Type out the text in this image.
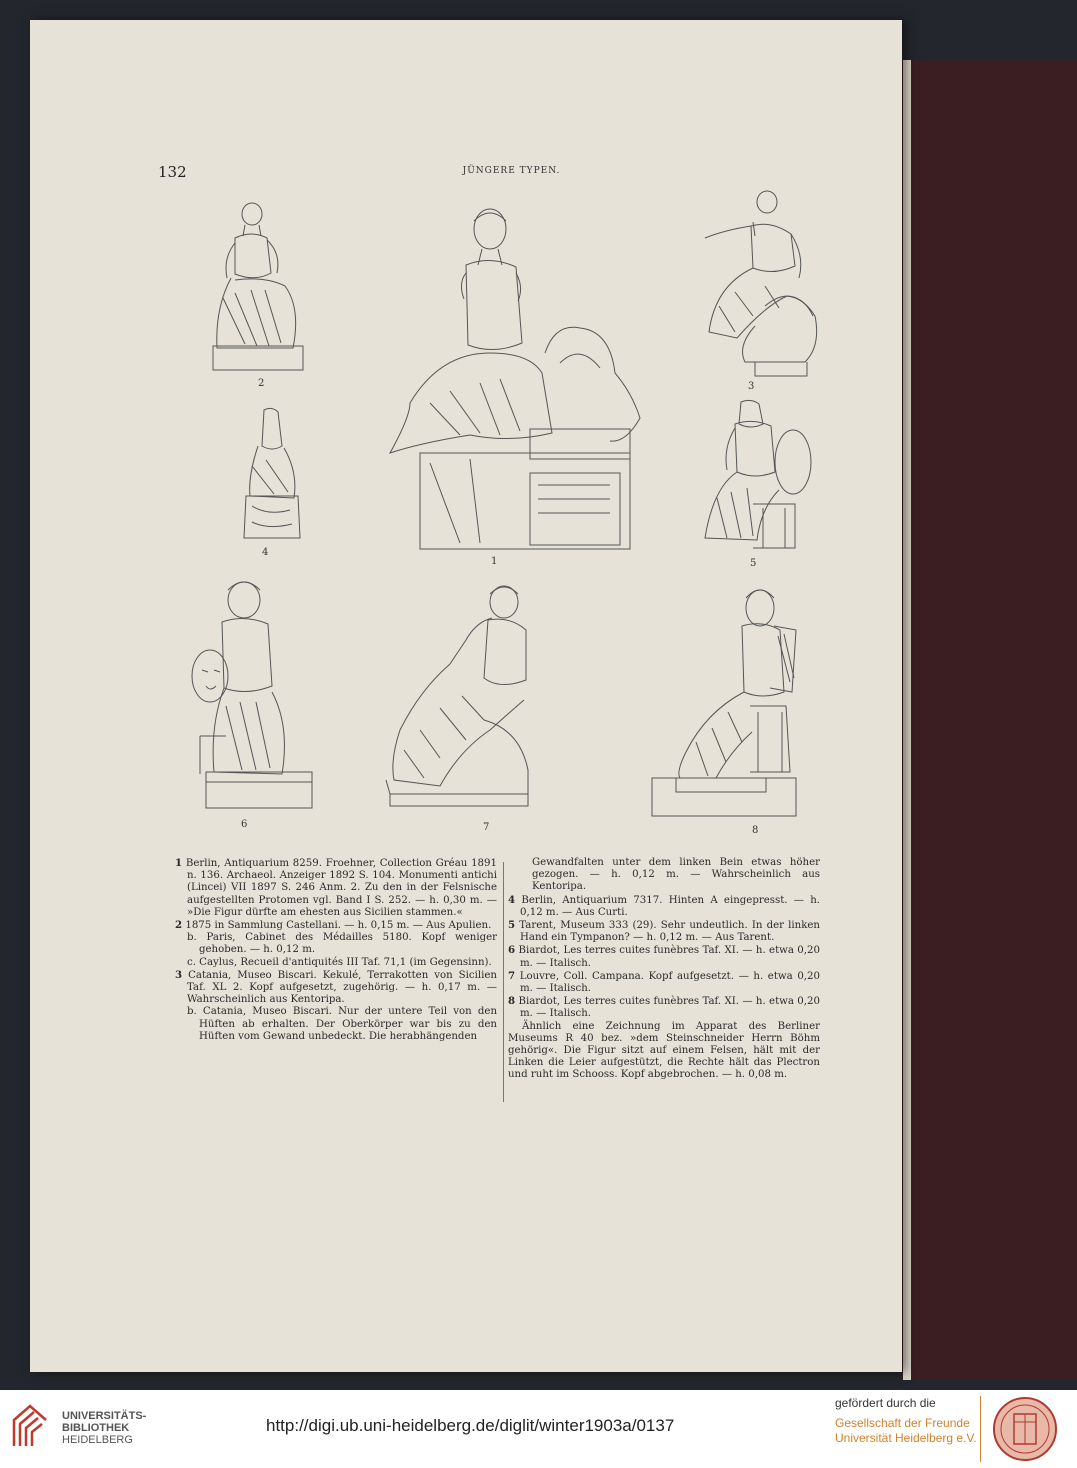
132	JÜNGERE TYPEN.
2
1
3
4
5
6	7	8

1 Berlin, Antiquarium 8259. Froehner, Collection Gréau 1891 n. 136. Archaeol. Anzeiger 1892 S. 104. Monumenti antichi (Lincei) VII 1897 S. 246 Anm. 2. Zu den in der Felsnische aufgestellten Protomen vgl. Band I S. 252. — h. 0,30 m. — »Die Figur dürfte am ehesten aus Sicilien stammen.«

2 1875 in Sammlung Castellani. — h. 0,15 m. — Aus Apulien.

b. Paris, Cabinet des Médailles 5180. Kopf weniger gehoben. — h. 0,12 m.

c. Caylus, Recueil d'antiquités III Taf. 71,1 (im Gegensinn).

3 Catania, Museo Biscari. Kekulé, Terrakotten von Sicilien Taf. XL 2. Kopf aufgesetzt, zugehörig. — h. 0,17 m. — Wahrscheinlich aus Kentoripa.

b. Catania, Museo Biscari. Nur der untere Teil von den Hüften ab erhalten. Der Oberkörper war bis zu den Hüften vom Gewand unbedeckt. Die herabhängenden

Gewandfalten unter dem linken Bein etwas höher gezogen. — h. 0,12 m. — Wahrscheinlich aus Kentoripa.

4 Berlin, Antiquarium 7317. Hinten A eingepresst. — h. 0,12 m. — Aus Curti.

5 Tarent, Museum 333 (29). Sehr undeutlich. In der linken Hand ein Tympanon? — h. 0,12 m. — Aus Tarent.

6 Biardot, Les terres cuites funèbres Taf. XI. — h. etwa 0,20 m. — Italisch.

7 Louvre, Coll. Campana. Kopf aufgesetzt. — h. etwa 0,20 m. — Italisch.

8 Biardot, Les terres cuites funèbres Taf. XI. — h. etwa 0,20 m. — Italisch.

Ähnlich eine Zeichnung im Apparat des Berliner Museums R 40 bez. »dem Steinschneider Herrn Böhm gehörig«. Die Figur sitzt auf einem Felsen, hält mit der Linken die Leier aufgestützt, die Rechte hält das Plectron und ruht im Schooss. Kopf abgebrochen. — h. 0,08 m.

UNIVERSITÄTS-
BIBLIOTHEK
HEIDELBERG
http://digi.ub.uni-heidelberg.de/diglit/winter1903a/0137
gefördert durch die
Gesellschaft der Freunde
Universität Heidelberg e.V.
